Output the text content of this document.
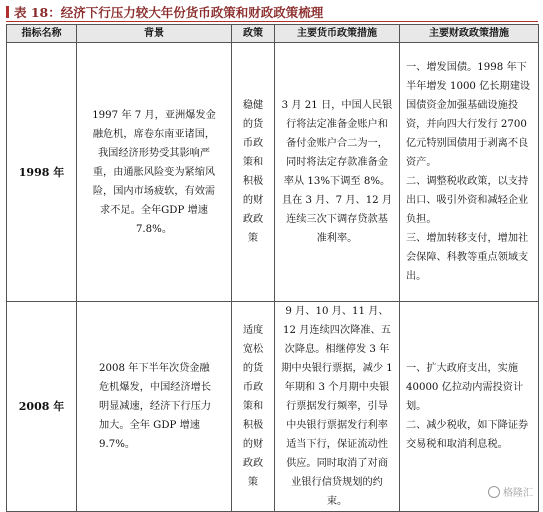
表 18：经济下行压力较大年份货币政策和财政政策梳理
指标名称	背景	政策	主要货币政策措施	主要财政政策措施
1998 年	1997 年 7 月，亚洲爆发金融危机，席卷东南亚诸国，我国经济形势受其影响严重，由通胀风险变为紧缩风险，国内市场疲软，有效需求不足。全年GDP 增速 7.8%。	稳健的货币政策和积极的财政政策	3 月 21 日，中国人民银行将法定准备金账户和备付金账户合二为一，同时将法定存款准备金率从 13%下调至 8%。且在 3 月、7 月、12 月连续三次下调存贷款基准利率。	一、增发国债。1998 年下半年增发 1000 亿长期建设国债资金加强基础设施投资，并向四大行发行 2700 亿元特别国债用于剥离不良资产。
二、调整税收政策，以支持出口、吸引外资和减轻企业负担。
三、增加转移支付，增加社会保障、科教等重点领域支出。
2008 年	2008 年下半年次贷金融危机爆发，中国经济增长明显减速，经济下行压力加大。全年 GDP 增速 9.7%。	适度宽松的货币政策和积极的财政政策	9 月、10 月、11 月、12 月连续四次降准、五次降息。相继停发 3 年期中央银行票据，减少 1 年期和 3 个月期中央银行票据发行频率，引导中央银行票据发行利率适当下行，保证流动性供应。同时取消了对商业银行信贷规划的约束。	一、扩大政府支出，实施 40000 亿拉动内需投资计划。
二、减少税收，如下降证券交易税和取消利息税。
格隆汇
